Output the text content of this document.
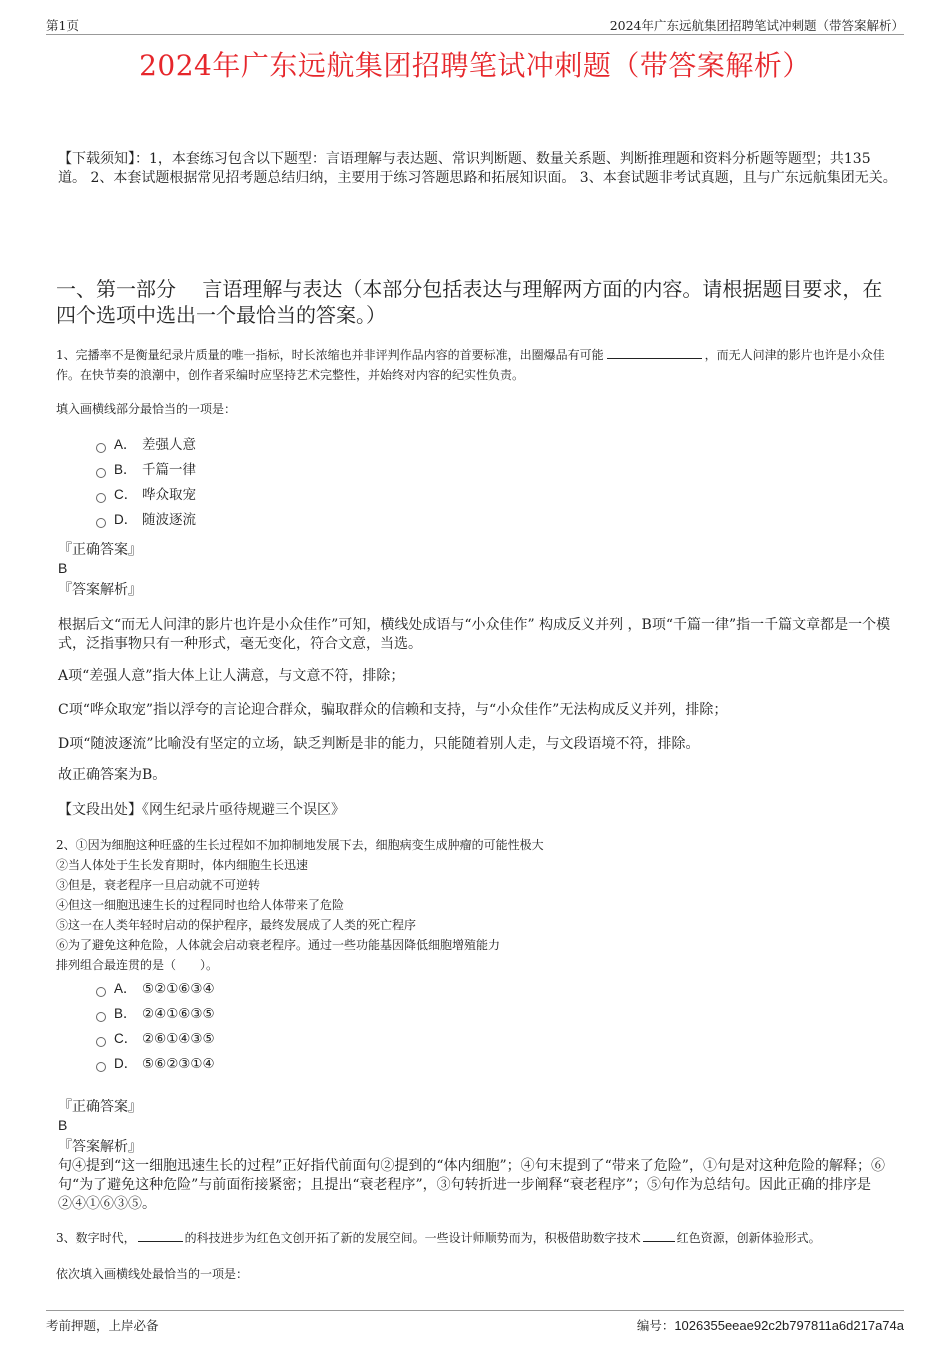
第1页	2024年广东远航集团招聘笔试冲刺题（带答案解析）
2024年广东远航集团招聘笔试冲刺题（带答案解析）
【下载须知】：1，本套练习包含以下题型：言语理解与表达题、常识判断题、数量关系题、判断推理题和资料分析题等题型；共135道。 2、本套试题根据常见招考题总结归纳，主要用于练习答题思路和拓展知识面。 3、本套试题非考试真题，且与广东远航集团无关。
一、第一部分　 言语理解与表达（本部分包括表达与理解两方面的内容。请根据题目要求，在四个选项中选出一个最恰当的答案。）
1、完播率不是衡量纪录片质量的唯一指标，时长浓缩也并非评判作品内容的首要标准，出圈爆品有可能	，而无人问津的影片也许是小众佳作。在快节奏的浪潮中，创作者采编时应坚持艺术完整性，并始终对内容的纪实性负责。
填入画横线部分最恰当的一项是：
A． 差强人意
B． 千篇一律
C． 哗众取宠
D． 随波逐流
『正确答案』
B
『答案解析』
根据后文“而无人问津的影片也许是小众佳作”可知，横线处成语与“小众佳作” 构成反义并列 ，B项“千篇一律”指一千篇文章都是一个模式，泛指事物只有一种形式，毫无变化，符合文意，当选。
A项“差强人意”指大体上让人满意，与文意不符，排除；
C项“哗众取宠”指以浮夸的言论迎合群众，骗取群众的信赖和支持，与“小众佳作”无法构成反义并列，排除；
D项“随波逐流”比喻没有坚定的立场，缺乏判断是非的能力，只能随着别人走，与文段语境不符，排除。
故正确答案为B。
【文段出处】《网生纪录片亟待规避三个误区》
2、①因为细胞这种旺盛的生长过程如不加抑制地发展下去，细胞病变生成肿瘤的可能性极大
②当人体处于生长发育期时，体内细胞生长迅速
③但是，衰老程序一旦启动就不可逆转
④但这一细胞迅速生长的过程同时也给人体带来了危险
⑤这一在人类年轻时启动的保护程序，最终发展成了人类的死亡程序
⑥为了避免这种危险，人体就会启动衰老程序。通过一些功能基因降低细胞增殖能力
排列组合最连贯的是（　　）。
A． ⑤②①⑥③④
B． ②④①⑥③⑤
C． ②⑥①④③⑤
D． ⑤⑥②③①④
『正确答案』
B
『答案解析』
句④提到“这一细胞迅速生长的过程”正好指代前面句②提到的“体内细胞”；④句末提到了“带来了危险”，①句是对这种危险的解释；⑥句“为了避免这种危险”与前面衔接紧密；且提出“衰老程序”，③句转折进一步阐释“衰老程序”；⑤句作为总结句。因此正确的排序是②④①⑥③⑤。
3、数字时代，	的科技进步为红色文创开拓了新的发展空间。一些设计师顺势而为，积极借助数字技术	红色资源，创新体验形式。
依次填入画横线处最恰当的一项是：
考前押题，上岸必备	编号：1026355eeae92c2b797811a6d217a74a
